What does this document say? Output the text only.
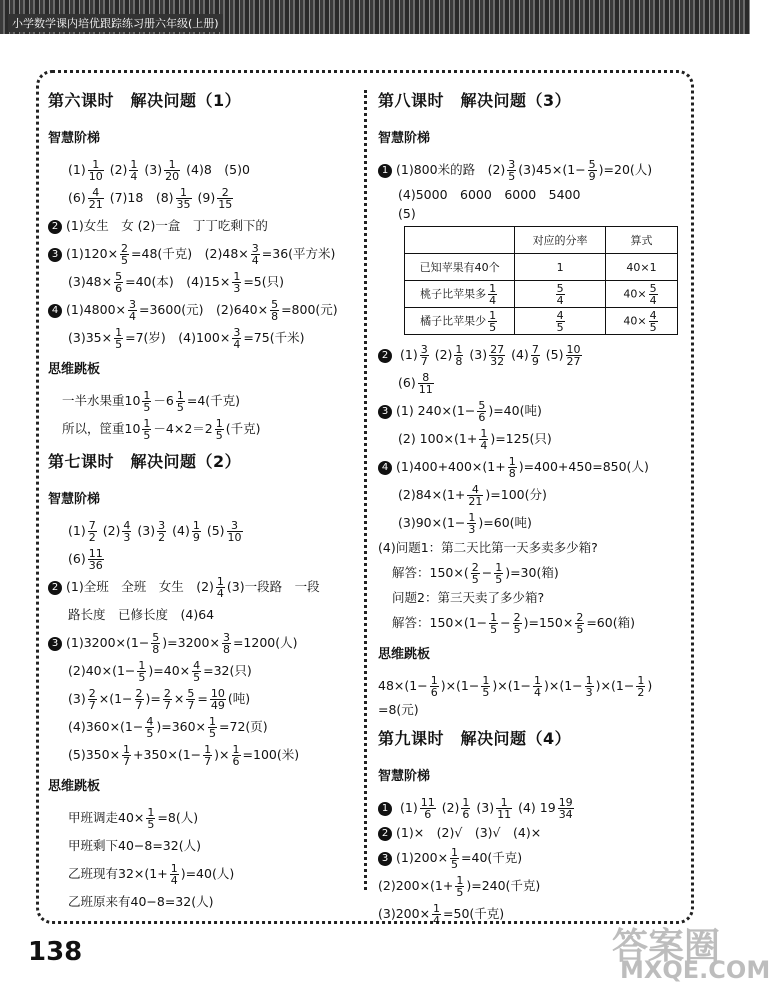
小学数学课内培优跟踪练习册六年级(上册)
第六课时　解决问题（1）
智慧阶梯
$(1) \frac{1}{10} (2) \frac{1}{4} (3) \frac{1}{20} (4)8$　(5)0
$(6) \frac{4}{21} (7)18$　$(8) \frac{1}{35} (9) \frac{2}{15}$
2 (1)女生　女 (2)一盒　丁丁吃剩下的
3 $(1)120\times \frac{2}{5} =48$(千克)　$(2)48\times \frac{3}{4} =36$(平方米)
$(3)48\times \frac{5}{6} =40$(本)　$(4)15\times \frac{1}{3} =5$(只)
4 $(1)4800\times \frac{3}{4} =3600$(元)　$(2)640\times \frac{5}{8} =800$(元)
$(3)35\times \frac{1}{5} =7$(岁)　$(4)100\times \frac{3}{4} =75$(千米)
思维跳板
一半水果重$10 \frac{1}{5} -6 \frac{1}{5} =4$(千克)
所以，筐重$10 \frac{1}{5} -4\times 2=2 \frac{1}{5}$ (千克)
第七课时　解决问题（2）
智慧阶梯
$(1) \frac{7}{2} (2) \frac{4}{3} (3) \frac{3}{2} (4) \frac{1}{9} (5) \frac{3}{10}$
$(6) \frac{11}{36}$
2 (1)全班　全班　女生　$(2) \frac{1}{4} (3)$一段路　一段
路长度　已修长度　(4)64
3 $(1)3200\times(1- \frac{5}{8} )=3200\times \frac{3}{8} =1200$(人)
$(2)40\times(1- \frac{1}{5} )=40\times \frac{4}{5} =32$(只)
$(3) \frac{2}{7} \times(1- \frac{2}{7}$ )= $\frac{2}{7} \times \frac{5}{7} = \frac{10}{49}$ (吨)
$(4)360\times(1- \frac{4}{5} )=360\times \frac{1}{5} =72$(页)
$(5)350\times \frac{1}{7} +350\times(1- \frac{1}{7}$ )× $\frac{1}{6} =100$(米)
思维跳板
甲班调走$40\times \frac{1}{5} =8$(人)
甲班剩下40−8=32(人)
乙班现有$32\times(1+ \frac{1}{4} )=40$(人)
乙班原来有40−8=32(人)
第八课时　解决问题（3）
智慧阶梯
1 (1)800米的路　$(2) \frac{3}{5} (3)45\times(1- \frac{5}{9} )=20$(人)
(4)5000　6000　6000　5400
(5)
	对应的分率	算式
已知苹果有40个	1	40×1
桃子比苹果多 $\frac{1}{4}$	$\frac{5}{4}$	$40\times \frac{5}{4}$

橘子比苹果少 $\frac{1}{5}$	$\frac{4}{5}$	$40\times \frac{4}{5}$
2 $(1) \frac{3}{7} (2) \frac{1}{8} (3) \frac{27}{32} (4) \frac{7}{9} (5) \frac{10}{27}$
$(6) \frac{8}{11}$
3 (1) $240\times(1- \frac{5}{6} )=40$(吨)
(2) $100\times(1+ \frac{1}{4} )=125$(只)
4 $(1)400+400\times(1+ \frac{1}{8} )=400+450=850$(人)
$(2)84\times(1+ \frac{4}{21} )=100$(分)
$(3)90\times(1- \frac{1}{3} )=60$(吨)
(4)问题1：第二天比第一天多卖多少箱?
解答：$150\times( \frac{2}{5} - \frac{1}{5} )=30$(箱)
问题2：第三天卖了多少箱?
解答：$150\times(1- \frac{1}{5} - \frac{2}{5} )=150\times \frac{2}{5} =60$(箱)
思维跳板
$48\times(1- \frac{1}{6} )\times(1- \frac{1}{5} )\times(1- \frac{1}{4} )\times(1- \frac{1}{3} )\times(1- \frac{1}{2}$ )
=8(元)
第九课时　解决问题（4）
智慧阶梯
1 $(1) \frac{11}{6} (2) \frac{1}{6} (3) \frac{1}{11} (4)$ $19 \frac{19}{34}$
2 (1)×　(2)√　(3)√　(4)×
3 $(1)200\times \frac{1}{5} =40$(千克)
$(2)200\times(1+ \frac{1}{5} )=240$(千克)
$(3)200\times \frac{1}{4} =50$(千克)
138	答案圈
MXQE.COM
